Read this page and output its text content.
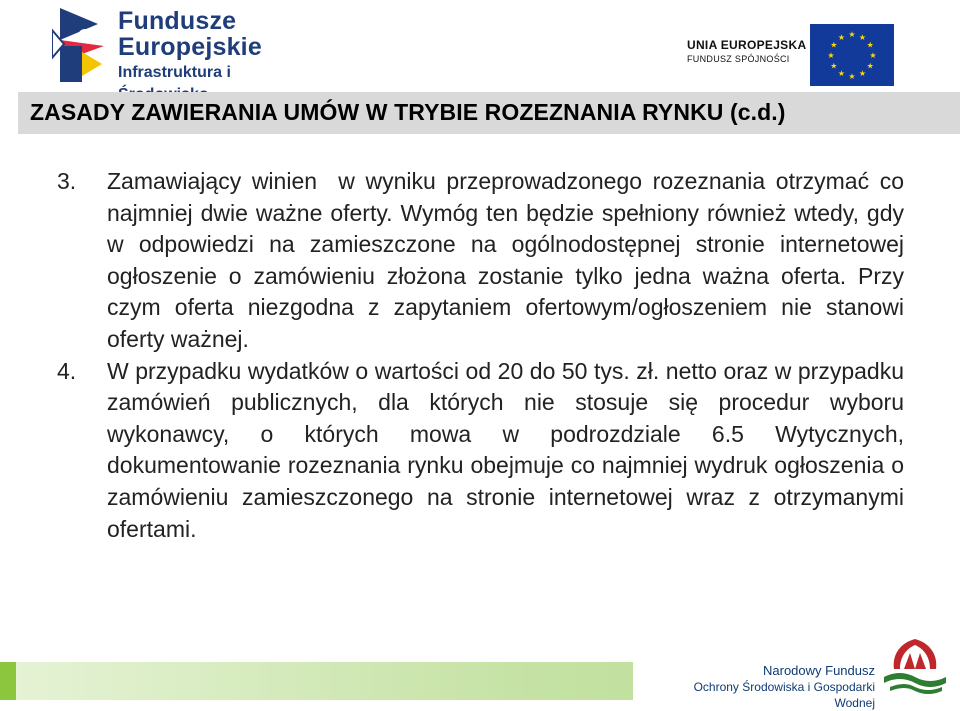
Fundusze
Europejskie
Infrastruktura i
UNIA EUROPEJSKA
FUNDUSZ SPÓJNOŚCI
★ ★
★
★
★
★
★
★
★
★
★
★
ZASADY ZAWIERANIA UMÓW W TRYBIE ROZEZNANIA RYNKU (c.d.)
3. Zamawiający winien  w wyniku przeprowadzonego rozeznania otrzymać co najmniej dwie ważne oferty. Wymóg ten będzie spełniony również wtedy, gdy w odpowiedzi na zamieszczone na ogólnodostępnej stronie internetowej ogłoszenie o zamówieniu złożona zostanie tylko jedna ważna oferta. Przy czym oferta niezgodna z zapytaniem ofertowym/ogłoszeniem nie stanowi oferty ważnej.
4. W przypadku wydatków o wartości od 20 do 50 tys. zł. netto oraz w przypadku zamówień publicznych, dla których nie stosuje się procedur wyboru wykonawcy, o których mowa w podrozdziale 6.5 Wytycznych, dokumentowanie rozeznania rynku obejmuje co najmniej wydruk ogłoszenia o zamówieniu zamieszczonego na stronie internetowej wraz z otrzymanymi ofertami.
Narodowy Fundusz
Ochrony Środowiska i Gospodarki Wodnej
